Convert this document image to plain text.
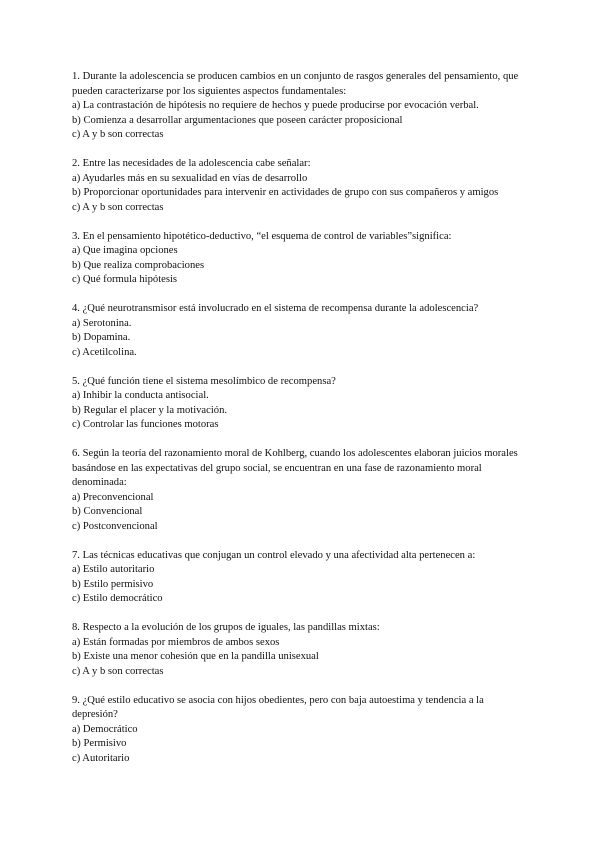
1. Durante la adolescencia se producen cambios en un conjunto de rasgos generales del pensamiento, que pueden caracterizarse por los siguientes aspectos fundamentales:

a) La contrastación de hipótesis no requiere de hechos y puede producirse por evocación verbal.

b) Comienza a desarrollar argumentaciones que poseen carácter proposicional

c) A y b son correctas

2. Entre las necesidades de la adolescencia cabe señalar:

a) Ayudarles más en su sexualidad en vías de desarrollo

b) Proporcionar oportunidades para intervenir en actividades de grupo con sus compañeros y amigos

c) A y b son correctas

3. En el pensamiento hipotético-deductivo, “el esquema de control de variables”significa:

a) Que imagina opciones

b) Que realiza comprobaciones

c) Qué formula hipótesis

4. ¿Qué neurotransmisor está involucrado en el sistema de recompensa durante la adolescencia?

a) Serotonina.

b) Dopamina.

c) Acetilcolina.

5. ¿Qué función tiene el sistema mesolímbico de recompensa?

a) Inhibir la conducta antisocial.

b) Regular el placer y la motivación.

c) Controlar las funciones motoras

6. Según la teoría del razonamiento moral de Kohlberg, cuando los adolescentes elaboran juicios morales basándose en las expectativas del grupo social, se encuentran en una fase de razonamiento moral denominada:

a) Preconvencional

b) Convencional

c) Postconvencional

7. Las técnicas educativas que conjugan un control elevado y una afectividad alta pertenecen a:

a) Estilo autoritario

b) Estilo permisivo

c) Estilo democrático

8. Respecto a la evolución de los grupos de iguales, las pandillas mixtas:

a) Están formadas por miembros de ambos sexos

b) Existe una menor cohesión que en la pandilla unisexual

c) A y b son correctas

9. ¿Qué estilo educativo se asocia con hijos obedientes, pero con baja autoestima y tendencia a la depresión?

a) Democrático

b) Permisivo

c) Autoritario
